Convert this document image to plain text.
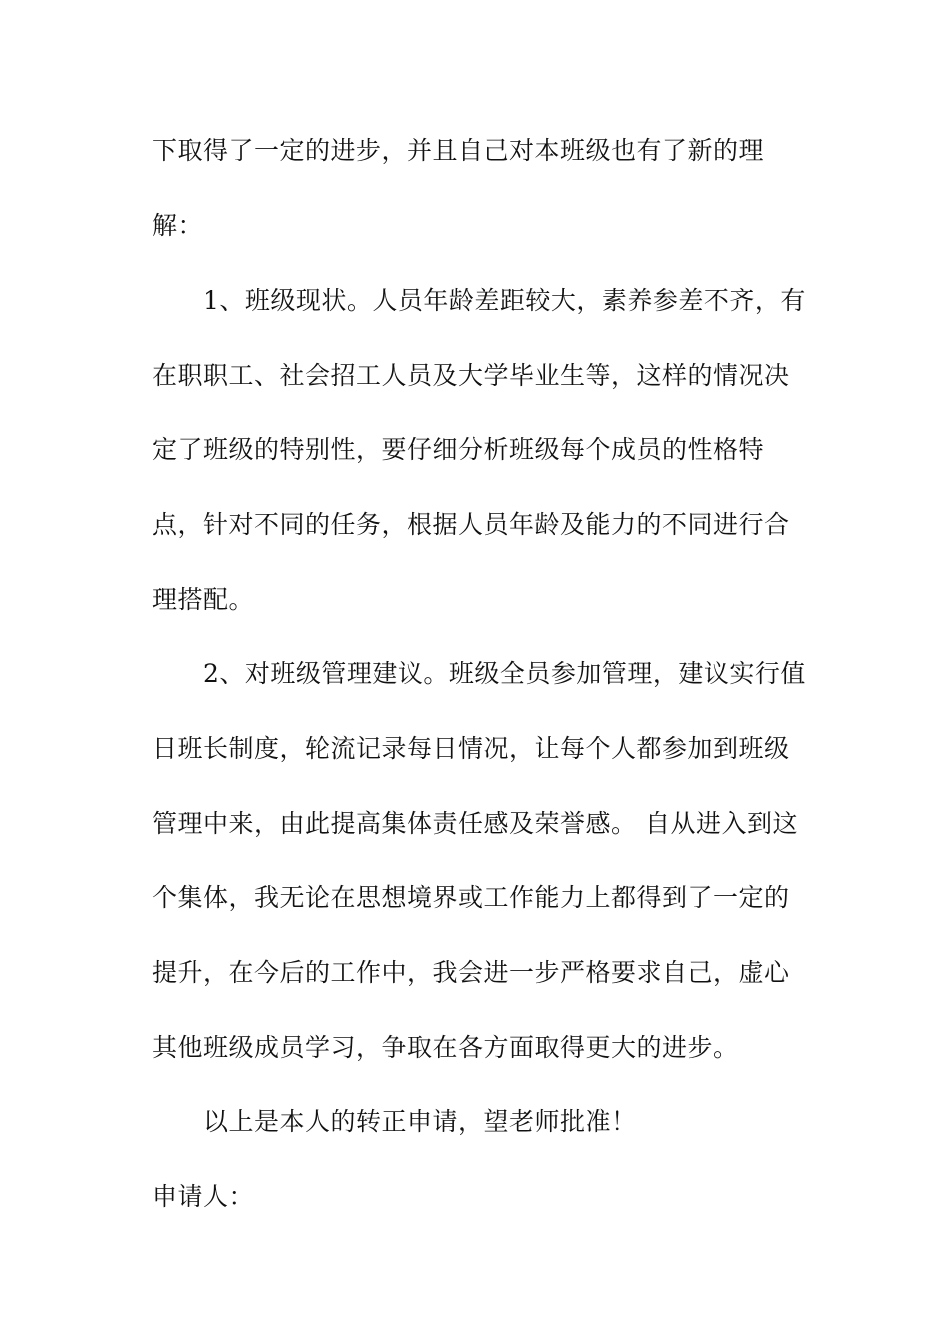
下取得了一定的进步，并且自己对本班级也有了新的理
解：
1、班级现状。人员年龄差距较大，素养参差不齐，有
在职职工、社会招工人员及大学毕业生等，这样的情况决
定了班级的特别性，要仔细分析班级每个成员的性格特
点，针对不同的任务，根据人员年龄及能力的不同进行合
理搭配。
2、对班级管理建议。班级全员参加管理，建议实行值
日班长制度，轮流记录每日情况，让每个人都参加到班级
管理中来，由此提高集体责任感及荣誉感。 自从进入到这
个集体，我无论在思想境界或工作能力上都得到了一定的
提升，在今后的工作中，我会进一步严格要求自己，虚心
其他班级成员学习，争取在各方面取得更大的进步。
以上是本人的转正申请，望老师批准！
申请人：
